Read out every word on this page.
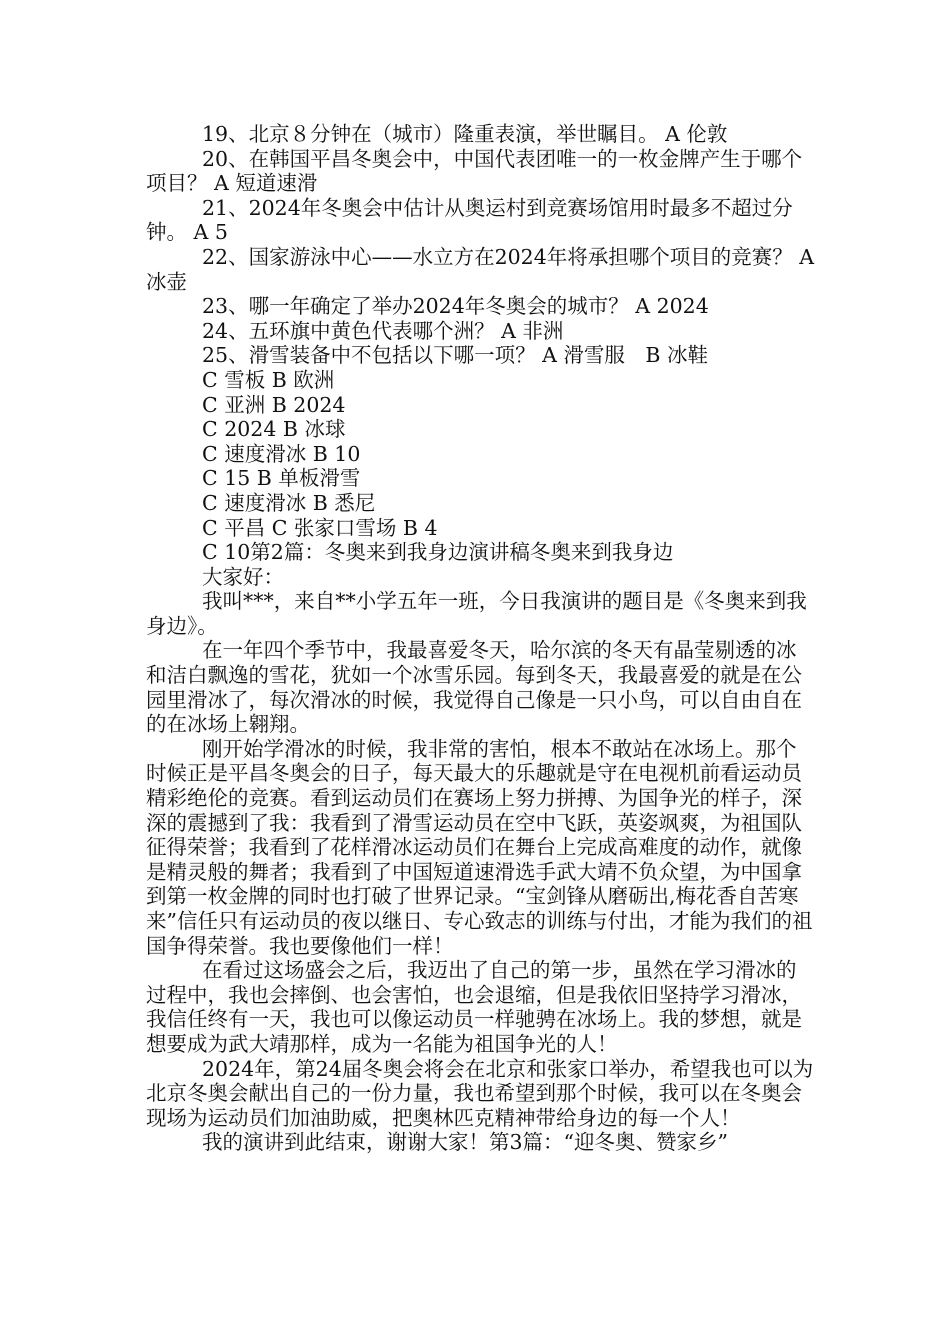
19、北京８分钟在（城市）隆重表演，举世瞩目。 A 伦敦

20、在韩国平昌冬奥会中，中国代表团唯一的一枚金牌产生于哪个项目？ A 短道速滑

21、2024年冬奥会中估计从奥运村到竞赛场馆用时最多不超过分钟。 A 5

22、国家游泳中心——水立方在2024年将承担哪个项目的竞赛？ A 冰壶

23、哪一年确定了举办2024年冬奥会的城市？ A 2024

24、五环旗中黄色代表哪个洲？ A 非洲

25、滑雪装备中不包括以下哪一项？ A 滑雪服　B 冰鞋

C 雪板 B 欧洲

C 亚洲 B 2024

C 2024 B 冰球

C 速度滑冰 B 10

C 15 B 单板滑雪

C 速度滑冰 B 悉尼

C 平昌 C 张家口雪场 B 4

C 10第2篇：冬奥来到我身边演讲稿冬奥来到我身边

大家好：

我叫***，来自**小学五年一班，今日我演讲的题目是《冬奥来到我身边》。

在一年四个季节中，我最喜爱冬天，哈尔滨的冬天有晶莹剔透的冰和洁白飘逸的雪花，犹如一个冰雪乐园。每到冬天，我最喜爱的就是在公园里滑冰了，每次滑冰的时候，我觉得自己像是一只小鸟，可以自由自在的在冰场上翱翔。

刚开始学滑冰的时候，我非常的害怕，根本不敢站在冰场上。那个时候正是平昌冬奥会的日子，每天最大的乐趣就是守在电视机前看运动员精彩绝伦的竞赛。看到运动员们在赛场上努力拼搏、为国争光的样子，深深的震撼到了我：我看到了滑雪运动员在空中飞跃，英姿飒爽，为祖国队征得荣誉；我看到了花样滑冰运动员们在舞台上完成高难度的动作，就像是精灵般的舞者；我看到了中国短道速滑选手武大靖不负众望，为中国拿到第一枚金牌的同时也打破了世界记录。“宝剑锋从磨砺出,梅花香自苦寒来”信任只有运动员的夜以继日、专心致志的训练与付出，才能为我们的祖国争得荣誉。我也要像他们一样！

在看过这场盛会之后，我迈出了自己的第一步，虽然在学习滑冰的过程中，我也会摔倒、也会害怕，也会退缩，但是我依旧坚持学习滑冰，我信任终有一天，我也可以像运动员一样驰骋在冰场上。我的梦想，就是想要成为武大靖那样，成为一名能为祖国争光的人！

2024年，第24届冬奥会将会在北京和张家口举办，希望我也可以为北京冬奥会献出自己的一份力量，我也希望到那个时候，我可以在冬奥会现场为运动员们加油助威，把奥林匹克精神带给身边的每一个人！

我的演讲到此结束，谢谢大家！第3篇：“迎冬奥、赞家乡”
